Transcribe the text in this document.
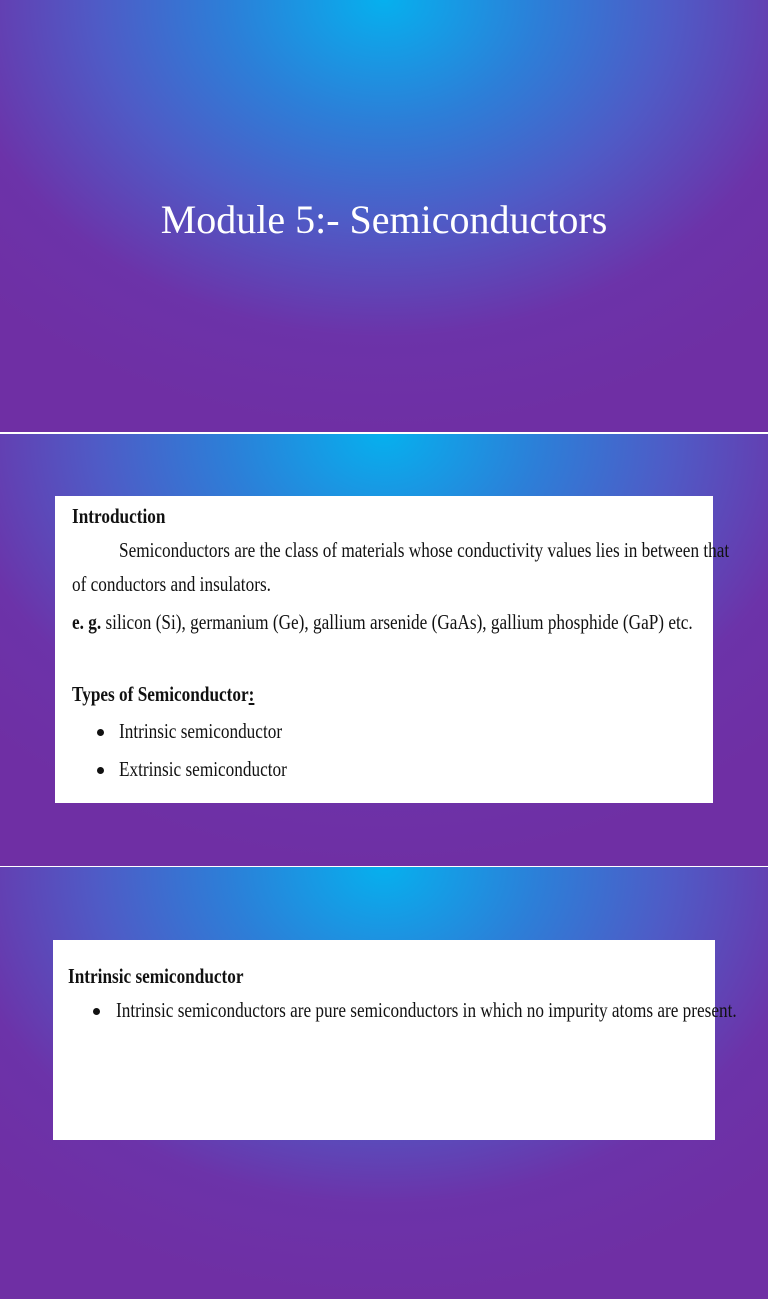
Module 5:- Semiconductors
Introduction
Semiconductors are the class of materials whose conductivity values lies in between that
of conductors and insulators.
e. g. silicon (Si), germanium (Ge), gallium arsenide (GaAs), gallium phosphide (GaP) etc.
Types of Semiconductor:
Intrinsic semiconductor
Extrinsic semiconductor
Intrinsic semiconductor
Intrinsic semiconductors are pure semiconductors in which no impurity atoms are present.
